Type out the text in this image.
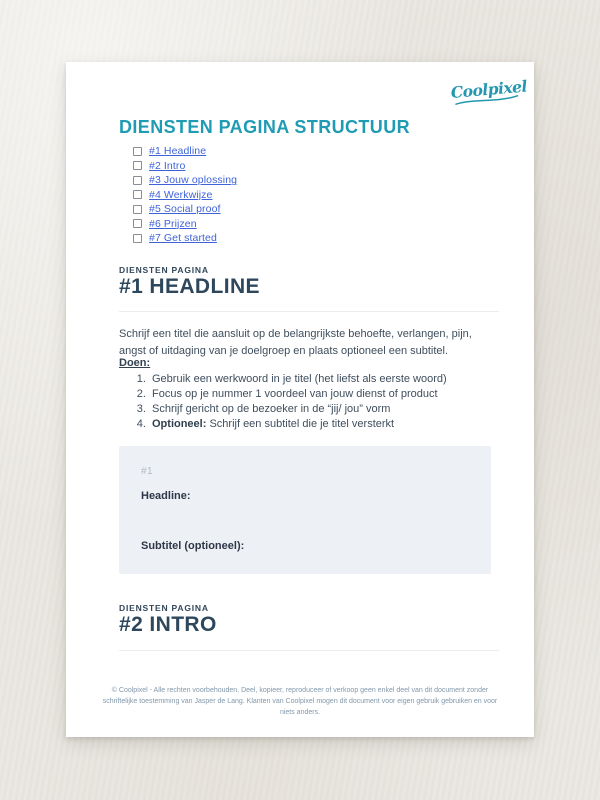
Coolpixel
DIENSTEN PAGINA STRUCTUUR
#1 Headline
#2 Intro
#3 Jouw oplossing
#4 Werkwijze
#5 Social proof
#6 Prijzen
#7 Get started
DIENSTEN PAGINA
#1 HEADLINE
Schrijf een titel die aansluit op de belangrijkste behoefte, verlangen, pijn, angst of uitdaging van je doelgroep en plaats optioneel een subtitel.
Doen:
1. Gebruik een werkwoord in je titel (het liefst als eerste woord)
2. Focus op je nummer 1 voordeel van jouw dienst of product
3. Schrijf gericht op de bezoeker in de “jij/ jou” vorm
4. Optioneel: Schrijf een subtitel die je titel versterkt
#1
Headline:
Subtitel (optioneel):
DIENSTEN PAGINA
#2 INTRO
© Coolpixel - Alle rechten voorbehouden. Deel, kopieer, reproduceer of verkoop geen enkel deel van dit document zonder schriftelijke toestemming van Jasper de Lang. Klanten van Coolpixel mogen dit document voor eigen gebruik gebruiken en voor niets anders.
